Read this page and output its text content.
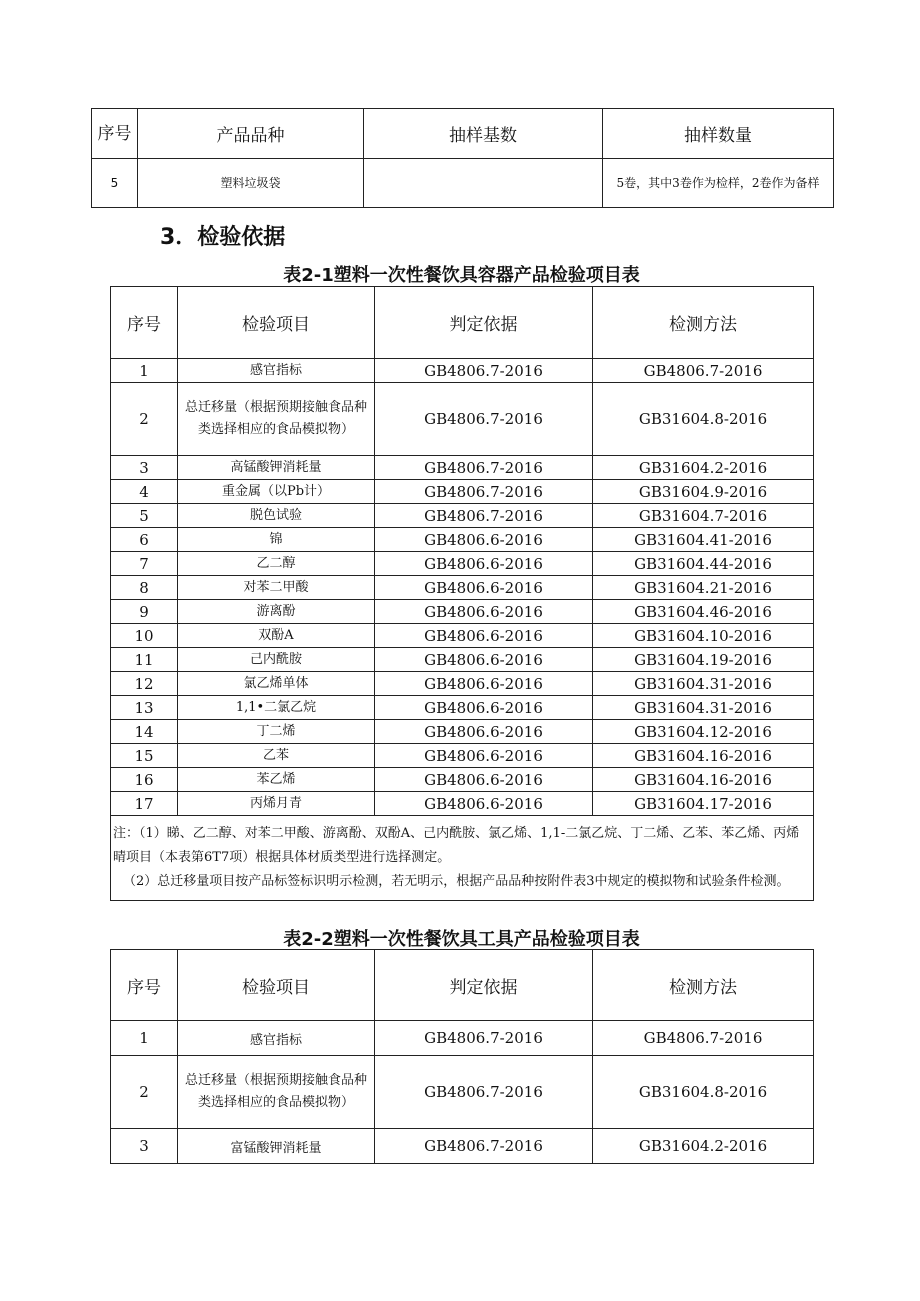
序号	产品品种	抽样基数	抽样数量
5	塑料垃圾袋		5卷，其中3卷作为检样，2卷作为备样
3．检验依据

表2-1塑料一次性餐饮具容器产品检验项目表

序号	检验项目	判定依据	检测方法
1	感官指标	GB4806.7-2016	GB4806.7-2016
2	总迁移量（根据预期接触食品种类选择相应的食品模拟物）	GB4806.7-2016	GB31604.8-2016
3	高锰酸钾消耗量	GB4806.7-2016	GB31604.2-2016
4	重金属（以Pb计）	GB4806.7-2016	GB31604.9-2016
5	脱色试验	GB4806.7-2016	GB31604.7-2016
6	锦	GB4806.6-2016	GB31604.41-2016
7	乙二醇	GB4806.6-2016	GB31604.44-2016
8	对苯二甲酸	GB4806.6-2016	GB31604.21-2016
9	游离酚	GB4806.6-2016	GB31604.46-2016
10	双酚A	GB4806.6-2016	GB31604.10-2016
11	己内酰胺	GB4806.6-2016	GB31604.19-2016
12	氯乙烯单体	GB4806.6-2016	GB31604.31-2016
13	1,1•二氯乙烷	GB4806.6-2016	GB31604.31-2016
14	丁二烯	GB4806.6-2016	GB31604.12-2016
15	乙苯	GB4806.6-2016	GB31604.16-2016
16	苯乙烯	GB4806.6-2016	GB31604.16-2016
17	丙烯月青	GB4806.6-2016	GB31604.17-2016
注：（1）睇、乙二醇、对苯二甲酸、游离酚、双酚A、己内酰胺、氯乙烯、1,1-二氯乙烷、丁二烯、乙苯、苯乙烯、丙烯晴项目（本表第6T7项）根据具体材质类型进行选择测定。
（2）总迁移量项目按产品标签标识明示检测，若无明示，根据产品品种按附件表3中规定的模拟物和试验条件检测。			

表2-2塑料一次性餐饮具工具产品检验项目表

序号	检验项目	判定依据	检测方法
1	感官指标	GB4806.7-2016	GB4806.7-2016
2	总迁移量（根据预期接触食品种类选择相应的食品模拟物）	GB4806.7-2016	GB31604.8-2016
3	富锰酸钾消耗量	GB4806.7-2016	GB31604.2-2016
